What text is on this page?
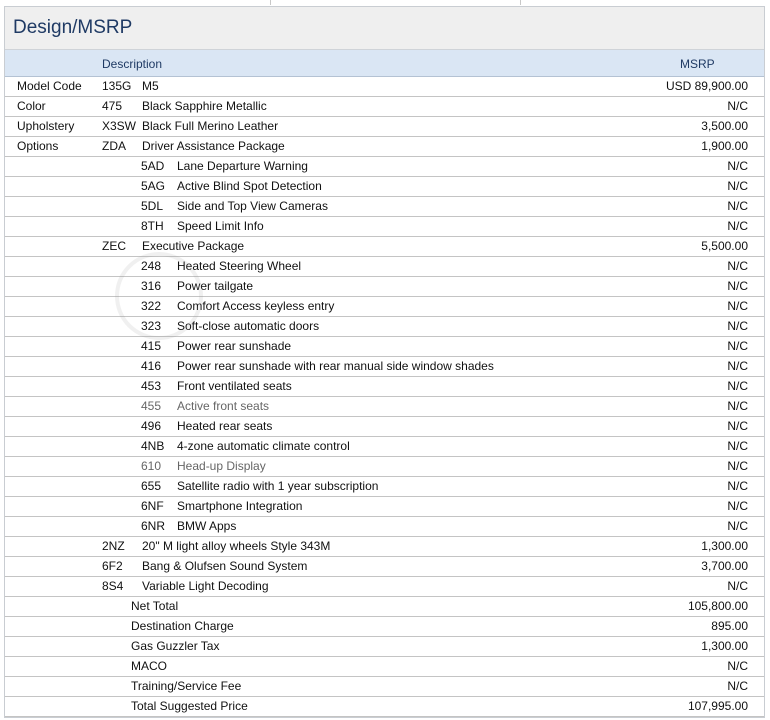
Design/MSRP
Description	MSRP
Model Code 135G M5	USD 89,900.00
Color	475 Black Sapphire Metallic	N/C
Upholstery X3SW Black Full Merino Leather	3,500.00
Options	ZDA Driver Assistance Package	1,900.00
5AD Lane Departure Warning	N/C
5AG Active Blind Spot Detection	N/C
5DL Side and Top View Cameras	N/C
8TH Speed Limit Info	N/C
ZEC Executive Package	5,500.00
248 Heated Steering Wheel	N/C
316 Power tailgate	N/C
322 Comfort Access keyless entry	N/C
323 Soft-close automatic doors	N/C
415 Power rear sunshade	N/C
416 Power rear sunshade with rear manual side window shades	N/C
453 Front ventilated seats	N/C
455 Active front seats	N/C
496 Heated rear seats	N/C
4NB 4-zone automatic climate control	N/C
610 Head-up Display	N/C
655 Satellite radio with 1 year subscription	N/C
6NF Smartphone Integration	N/C
6NR BMW Apps	N/C
2NZ 20" M light alloy wheels Style 343M	1,300.00
6F2 Bang & Olufsen Sound System	3,700.00
8S4 Variable Light Decoding	N/C
Net Total	105,800.00
Destination Charge	895.00
Gas Guzzler Tax	1,300.00
MACO	N/C
Training/Service Fee	N/C
Total Suggested Price	107,995.00
